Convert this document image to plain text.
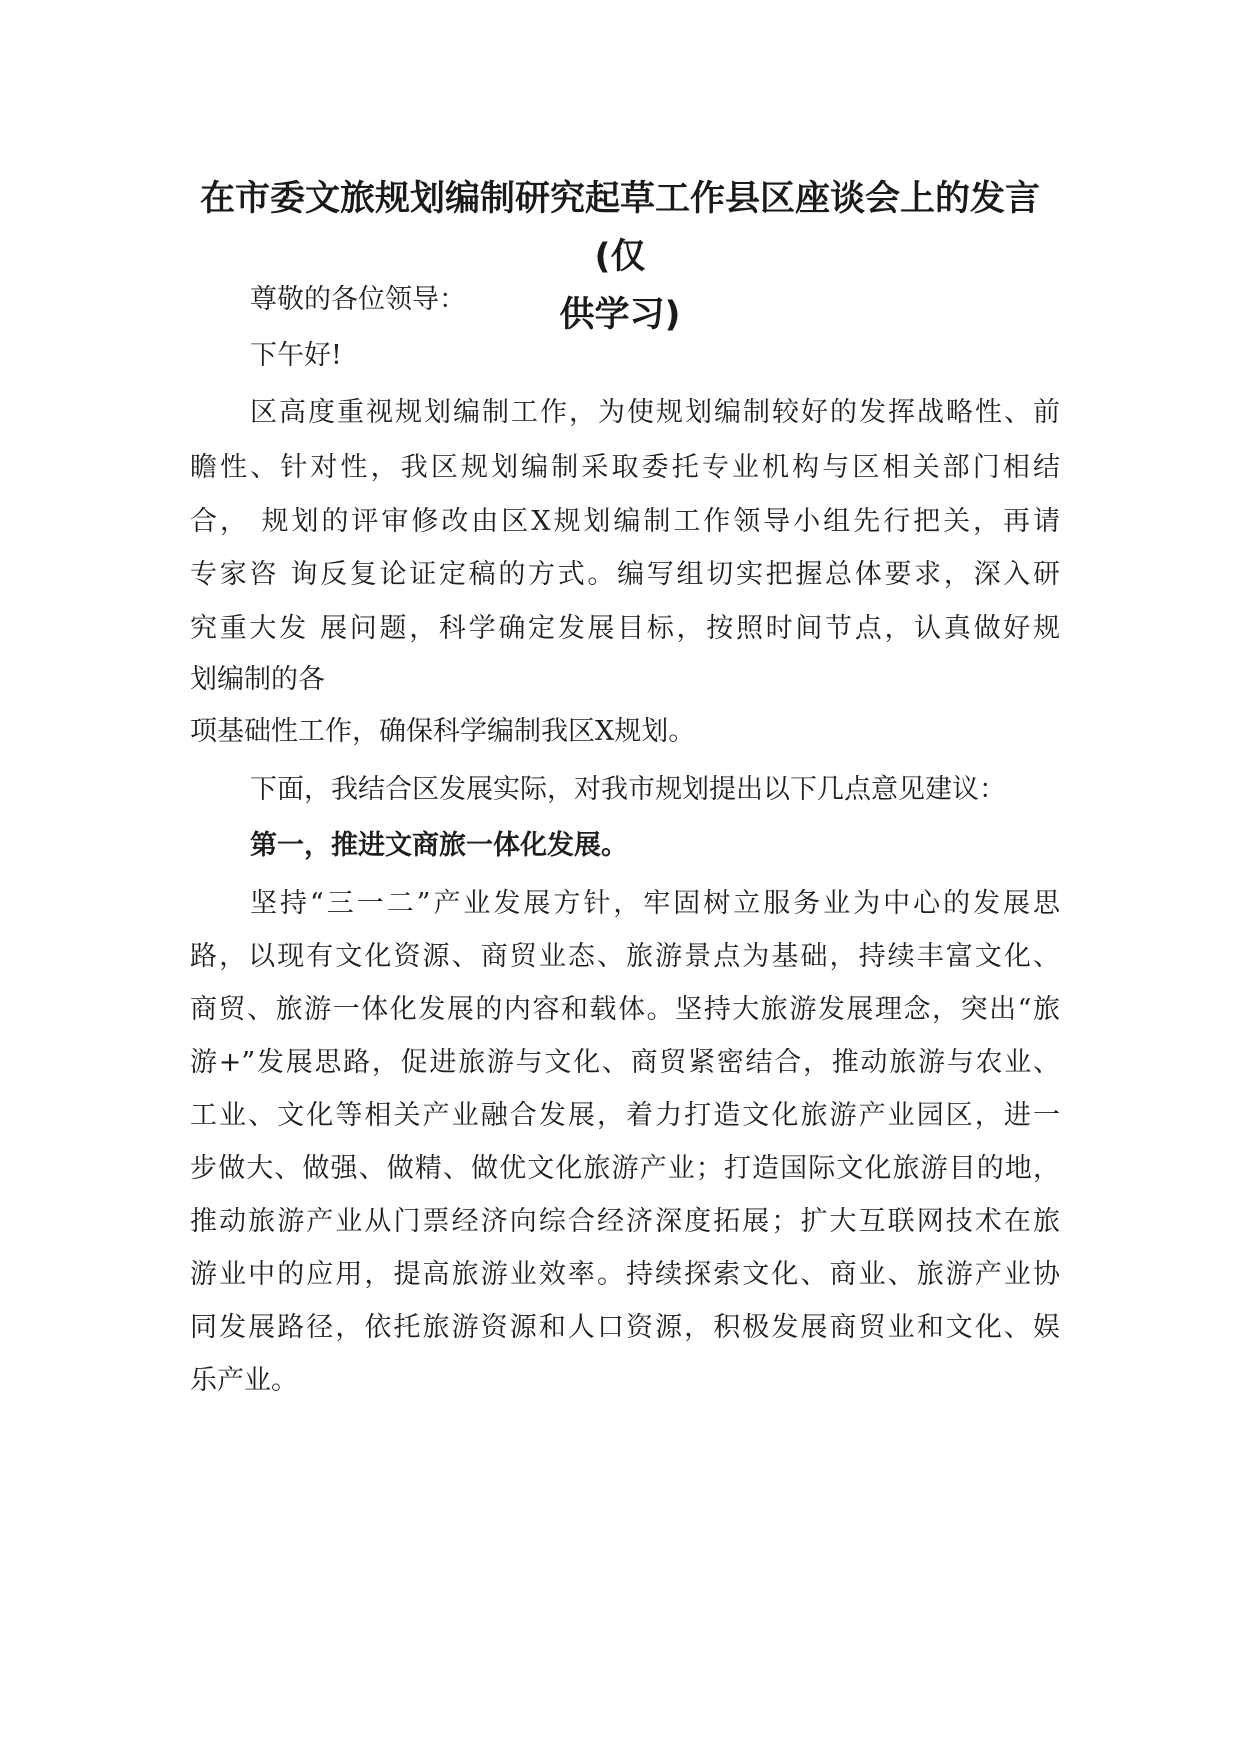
在市委文旅规划编制研究起草工作县区座谈会上的发言(仅
供学习)

尊敬的各位领导：

下午好!

区高度重视规划编制工作，为使规划编制较好的发挥战略性、前

瞻性、针对性，我区规划编制采取委托专业机构与区相关部门相结

合， 规划的评审修改由区X规划编制工作领导小组先行把关，再请

专家咨 询反复论证定稿的方式。编写组切实把握总体要求，深入研

究重大发 展问题，科学确定发展目标，按照时间节点，认真做好规

划编制的各

项基础性工作，确保科学编制我区X规划。

下面，我结合区发展实际，对我市规划提出以下几点意见建议：

第一，推进文商旅一体化发展。

坚持“三一二”产业发展方针，牢固树立服务业为中心的发展思

路，以现有文化资源、商贸业态、旅游景点为基础，持续丰富文化、

商贸、旅游一体化发展的内容和载体。坚持大旅游发展理念，突出“旅

游+”发展思路，促进旅游与文化、商贸紧密结合，推动旅游与农业、

工业、文化等相关产业融合发展，着力打造文化旅游产业园区，进一

步做大、做强、做精、做优文化旅游产业；打造国际文化旅游目的地，

推动旅游产业从门票经济向综合经济深度拓展；扩大互联网技术在旅

游业中的应用，提高旅游业效率。持续探索文化、商业、旅游产业协

同发展路径，依托旅游资源和人口资源，积极发展商贸业和文化、娱

乐产业。
